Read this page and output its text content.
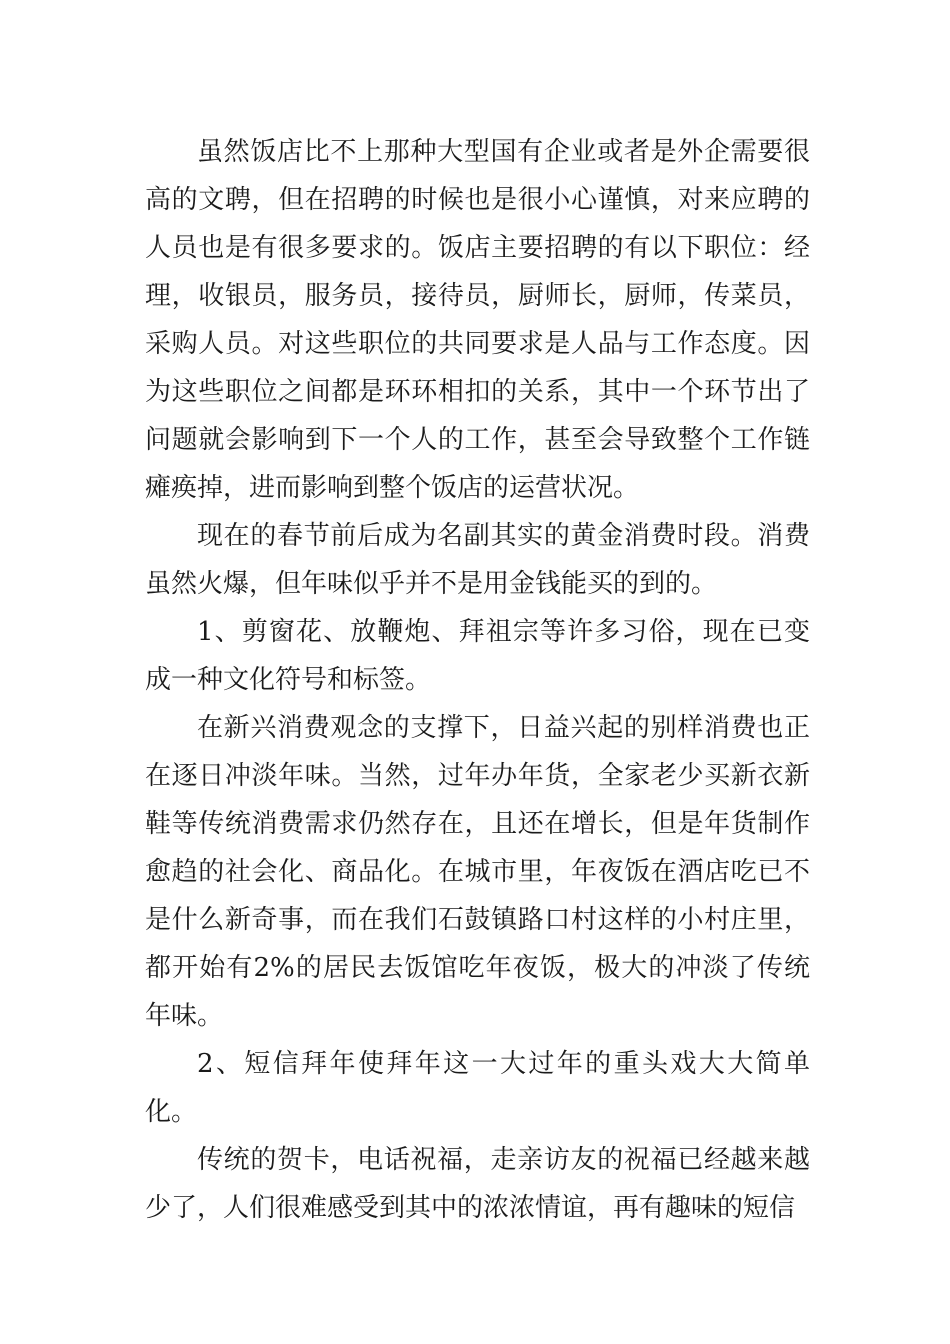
虽然饭店比不上那种大型国有企业或者是外企需要很高的文聘，但在招聘的时候也是很小心谨慎，对来应聘的人员也是有很多要求的。饭店主要招聘的有以下职位：经理，收银员，服务员，接待员，厨师长，厨师，传菜员，采购人员。对这些职位的共同要求是人品与工作态度。因为这些职位之间都是环环相扣的关系，其中一个环节出了问题就会影响到下一个人的工作，甚至会导致整个工作链瘫痪掉，进而影响到整个饭店的运营状况。

现在的春节前后成为名副其实的黄金消费时段。消费虽然火爆，但年味似乎并不是用金钱能买的到的。

1、剪窗花、放鞭炮、拜祖宗等许多习俗，现在已变成一种文化符号和标签。

在新兴消费观念的支撑下，日益兴起的别样消费也正在逐日冲淡年味。当然，过年办年货，全家老少买新衣新鞋等传统消费需求仍然存在，且还在增长，但是年货制作愈趋的社会化、商品化。在城市里，年夜饭在酒店吃已不是什么新奇事，而在我们石鼓镇路口村这样的小村庄里，都开始有2%的居民去饭馆吃年夜饭，极大的冲淡了传统年味。

2、短信拜年使拜年这一大过年的重头戏大大简单化。

传统的贺卡，电话祝福，走亲访友的祝福已经越来越少了，人们很难感受到其中的浓浓情谊，再有趣味的短信
